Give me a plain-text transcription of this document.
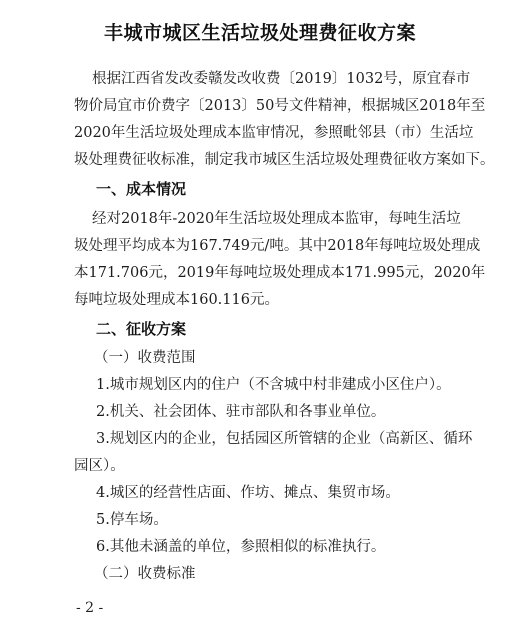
丰城市城区生活垃圾处理费征收方案
根据江西省发改委赣发改收费〔2019〕1032号，原宜春市
物价局宜市价费字〔2013〕50号文件精神，根据城区2018年至
2020年生活垃圾处理成本监审情况，参照毗邻县（市）生活垃
圾处理费征收标准，制定我市城区生活垃圾处理费征收方案如下。
一、成本情况
经对2018年-2020年生活垃圾处理成本监审，每吨生活垃
圾处理平均成本为167.749元/吨。其中2018年每吨垃圾处理成
本171.706元，2019年每吨垃圾处理成本171.995元，2020年
每吨垃圾处理成本160.116元。
二、征收方案
（一）收费范围
1.城市规划区内的住户（不含城中村非建成小区住户）。
2.机关、社会团体、驻市部队和各事业单位。
3.规划区内的企业，包括园区所管辖的企业（高新区、循环
园区）。
4.城区的经营性店面、作坊、摊点、集贸市场。
5.停车场。
6.其他未涵盖的单位，参照相似的标准执行。
（二）收费标准
- 2 -
